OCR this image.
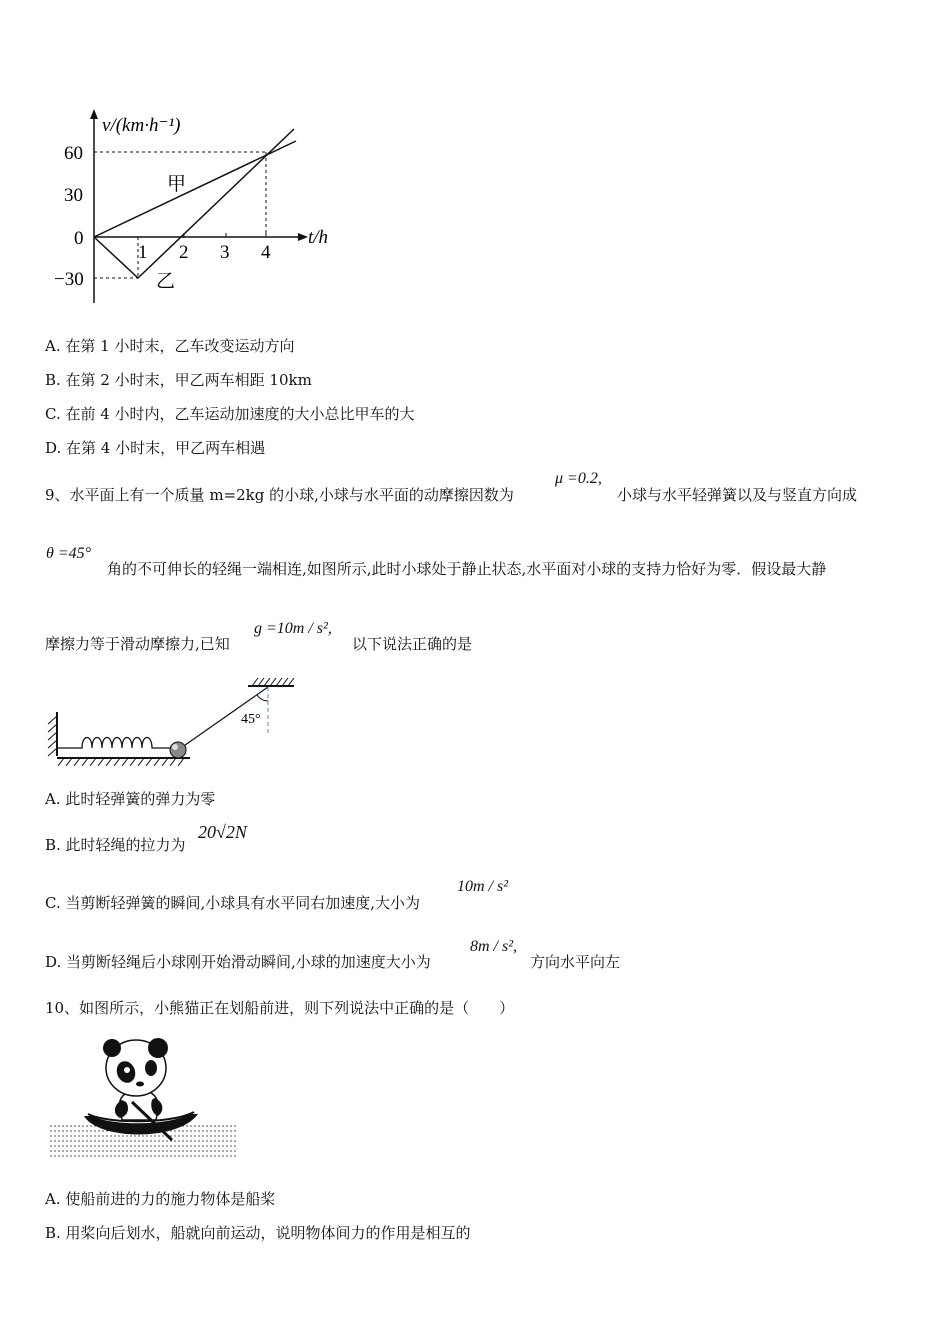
v/(km·h⁻¹)
t/h
60
30
0
−30
1 2 3 4
甲
乙
A. 在第 1 小时末，乙车改变运动方向
B. 在第 2 小时末，甲乙两车相距 10km
C. 在前 4 小时内，乙车运动加速度的大小总比甲车的大
D. 在第 4 小时末，甲乙两车相遇
9、水平面上有一个质量 m=2kg 的小球,小球与水平面的动摩擦因数为
μ =0.2,
小球与水平轻弹簧以及与竖直方向成
θ =45°
角的不可伸长的轻绳一端相连,如图所示,此时小球处于静止状态,水平面对小球的支持力恰好为零．假设最大静
摩擦力等于滑动摩擦力,已知
g =10m / s²,
以下说法正确的是
45°
A. 此时轻弹簧的弹力为零
B. 此时轻绳的拉力为
20√2N
C. 当剪断轻弹簧的瞬间,小球具有水平同右加速度,大小为
10m / s²
D. 当剪断轻绳后小球刚开始滑动瞬间,小球的加速度大小为
8m / s²,
方向水平向左
10、如图所示，小熊猫正在划船前进，则下列说法中正确的是（　　）
A. 使船前进的力的施力物体是船桨
B. 用桨向后划水，船就向前运动，说明物体间力的作用是相互的
